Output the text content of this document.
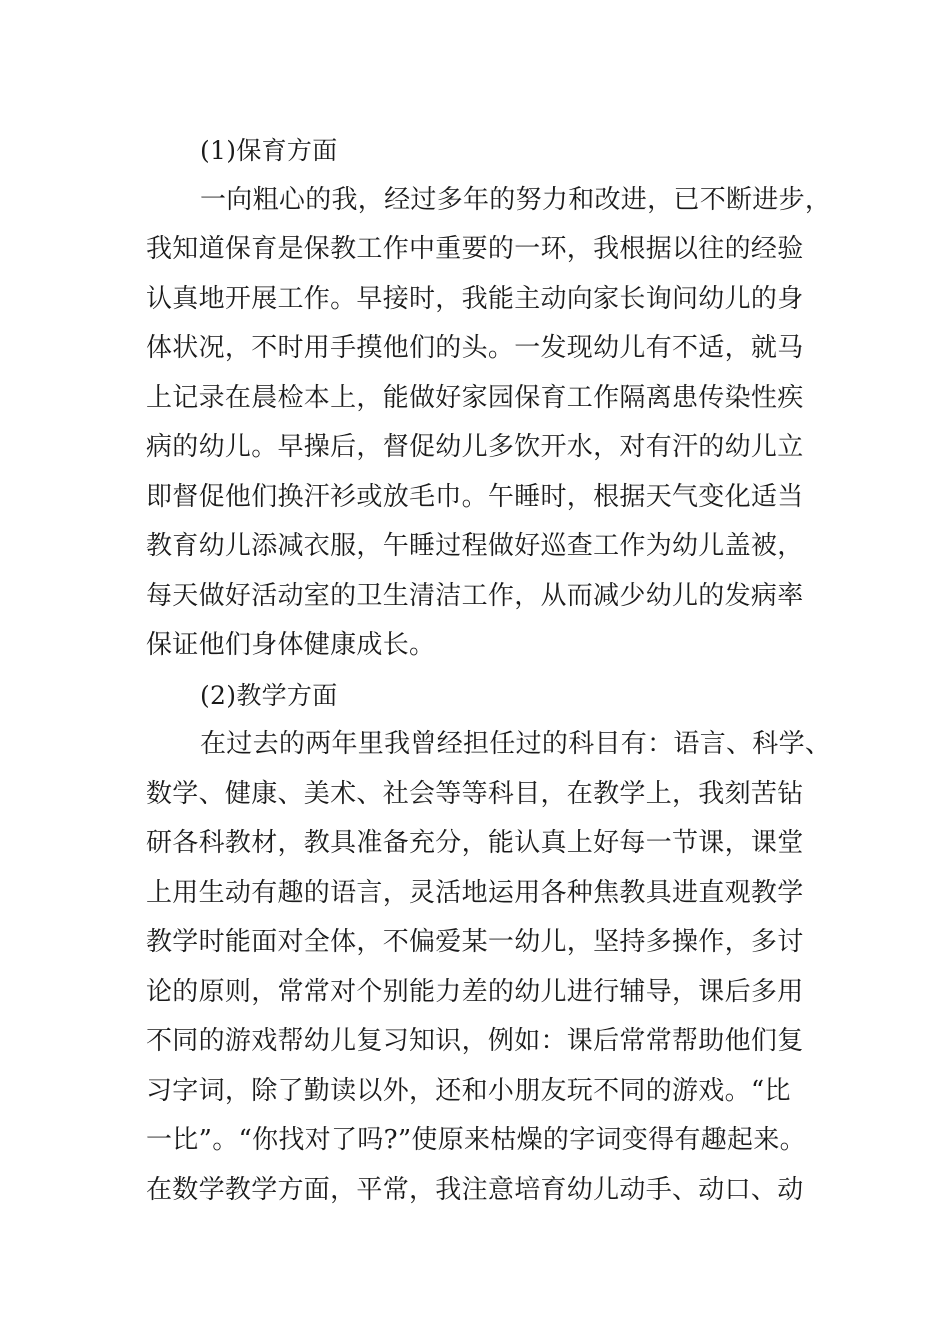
(1)保育方面
一向粗心的我，经过多年的努力和改进，已不断进步，
我知道保育是保教工作中重要的一环，我根据以往的经验
认真地开展工作。早接时，我能主动向家长询问幼儿的身
体状况，不时用手摸他们的头。一发现幼儿有不适，就马
上记录在晨检本上，能做好家园保育工作隔离患传染性疾
病的幼儿。早操后，督促幼儿多饮开水，对有汗的幼儿立
即督促他们换汗衫或放毛巾。午睡时，根据天气变化适当
教育幼儿添减衣服，午睡过程做好巡查工作为幼儿盖被，
每天做好活动室的卫生清洁工作，从而减少幼儿的发病率
保证他们身体健康成长。
(2)教学方面
在过去的两年里我曾经担任过的科目有：语言、科学、
数学、健康、美术、社会等等科目，在教学上，我刻苦钻
研各科教材，教具准备充分，能认真上好每一节课，课堂
上用生动有趣的语言，灵活地运用各种焦教具进直观教学
教学时能面对全体，不偏爱某一幼儿，坚持多操作，多讨
论的原则，常常对个别能力差的幼儿进行辅导，课后多用
不同的游戏帮幼儿复习知识，例如：课后常常帮助他们复
习字词，除了勤读以外，还和小朋友玩不同的游戏。“比
一比”。“你找对了吗?”使原来枯燥的字词变得有趣起来。
在数学教学方面，平常，我注意培育幼儿动手、动口、动
